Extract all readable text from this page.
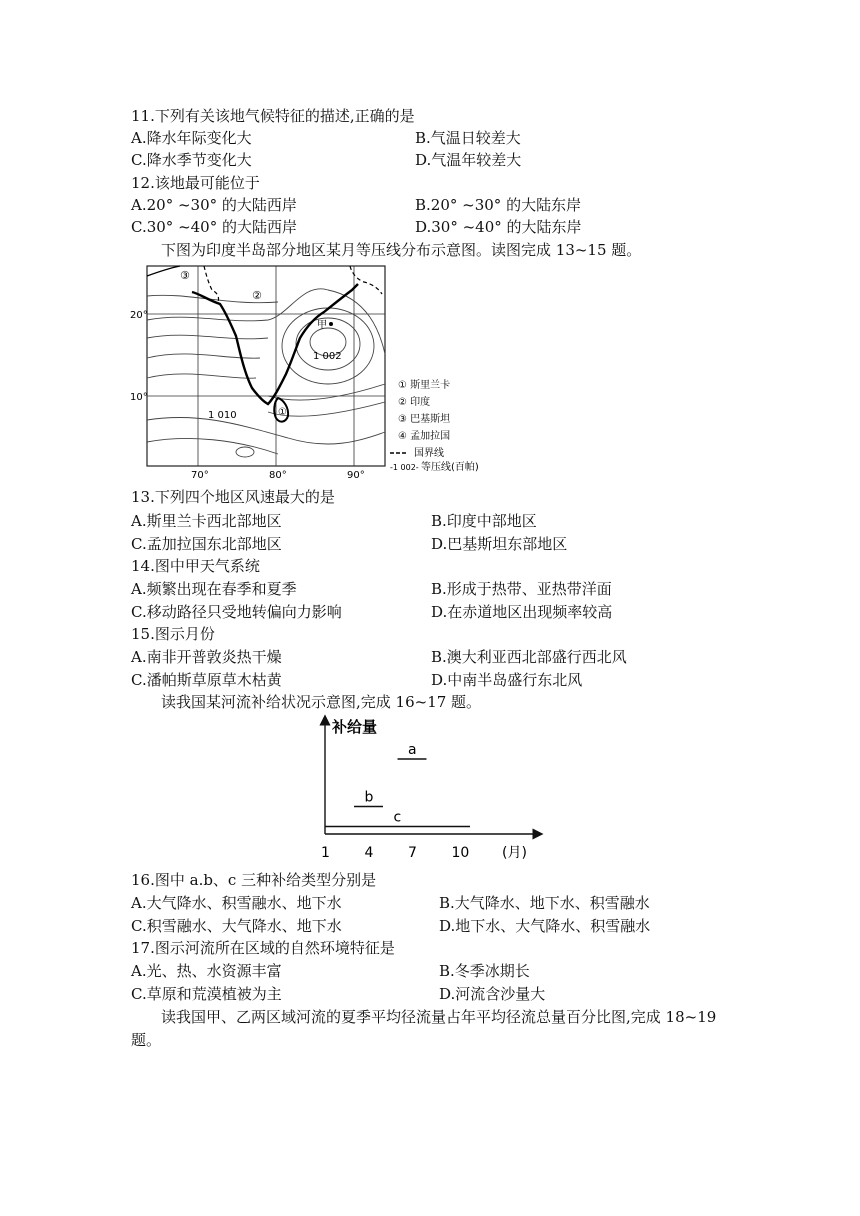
11.下列有关该地气候特征的描述,正确的是
A.降水年际变化大	B.气温日较差大
C.降水季节变化大	D.气温年较差大
12.该地最可能位于
A.20° ~30° 的大陆西岸	B.20° ~30° 的大陆东岸
C.30° ~40° 的大陆西岸	D.30° ~40° 的大陆东岸
下图为印度半岛部分地区某月等压线分布示意图。读图完成 13~15 题。
20°
10°
70°	80°	90°
③
②
①
甲
1 002
1 010
① 斯里兰卡
② 印度
③ 巴基斯坦
④ 孟加拉国
国界线
-1 002- 等压线(百帕)
13.下列四个地区风速最大的是
A.斯里兰卡西北部地区	B.印度中部地区
C.孟加拉国东北部地区	D.巴基斯坦东部地区
14.图中甲天气系统
A.频繁出现在春季和夏季	B.形成于热带、亚热带洋面
C.移动路径只受地转偏向力影响	D.在赤道地区出现频率较高
15.图示月份
A.南非开普敦炎热干燥	B.澳大利亚西北部盛行西北风
C.潘帕斯草原草木枯黄	D.中南半岛盛行东北风
读我国某河流补给状况示意图,完成 16~17 题。
补给量
1 4 7 10
a
b
c
(月)
16.图中 a.b、c 三种补给类型分别是
A.大气降水、积雪融水、地下水	B.大气降水、地下水、积雪融水
C.积雪融水、大气降水、地下水	D.地下水、大气降水、积雪融水
17.图示河流所在区域的自然环境特征是
A.光、热、水资源丰富	B.冬季冰期长
C.草原和荒漠植被为主	D.河流含沙量大
读我国甲、乙两区域河流的夏季平均径流量占年平均径流总量百分比图,完成 18~19
题。
